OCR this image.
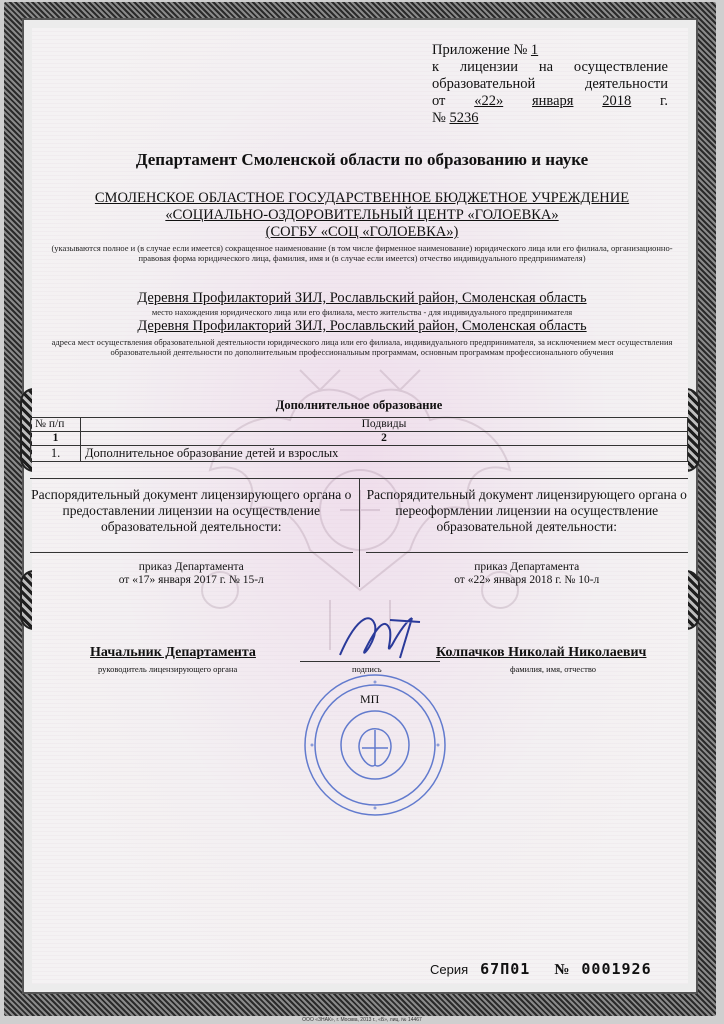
Приложение № 1
к лицензии на осуществление
образовательной	деятельности
от «22» января 2018 г.
№ 5236
Департамент Смоленской области по образованию и науке
СМОЛЕНСКОЕ ОБЛАСТНОЕ ГОСУДАРСТВЕННОЕ БЮДЖЕТНОЕ УЧРЕЖДЕНИЕ
«СОЦИАЛЬНО-ОЗДОРОВИТЕЛЬНЫЙ ЦЕНТР «ГОЛОЕВКА»
(СОГБУ «СОЦ «ГОЛОЕВКА»)
(указываются полное и (в случае если имеется) сокращенное наименование (в том числе фирменное наименование) юридического лица или его филиала, организационно-правовая форма юридического лица, фамилия, имя и (в случае если имеется) отчество индивидуального предпринимателя)
Деревня Профилакторий ЗИЛ, Рославльский район, Смоленская область
место нахождения юридического лица или его филиала, место жительства - для индивидуального предпринимателя
Деревня Профилакторий ЗИЛ, Рославльский район, Смоленская область
адреса мест осуществления образовательной деятельности юридического лица или его филиала, индивидуального предпринимателя, за исключением мест осуществления образовательной деятельности по дополнительным профессиональным программам, основным программам профессионального обучения
Дополнительное образование	
№ п/п	Подвиды
1	2
1.	Дополнительное образование детей и взрослых
Распорядительный документ лицензирующего органа о предоставлении лицензии на осуществление образовательной деятельности:
приказ Департамента
от «17» января 2017 г. № 15-л
Распорядительный документ лицензирующего органа о переоформлении лицензии на осуществление образовательной деятельности:
приказ Департамента
от «22» января 2018 г. № 10-л
Начальник Департамента
руководитель лицензирующего органа	подпись
Колпачков Николай Николаевич
фамилия, имя, отчество
МП
Серия 67П01 № 0001926
ООО «ЗНАК», г. Москва, 2013 г., «Б», лиц. № 14467
